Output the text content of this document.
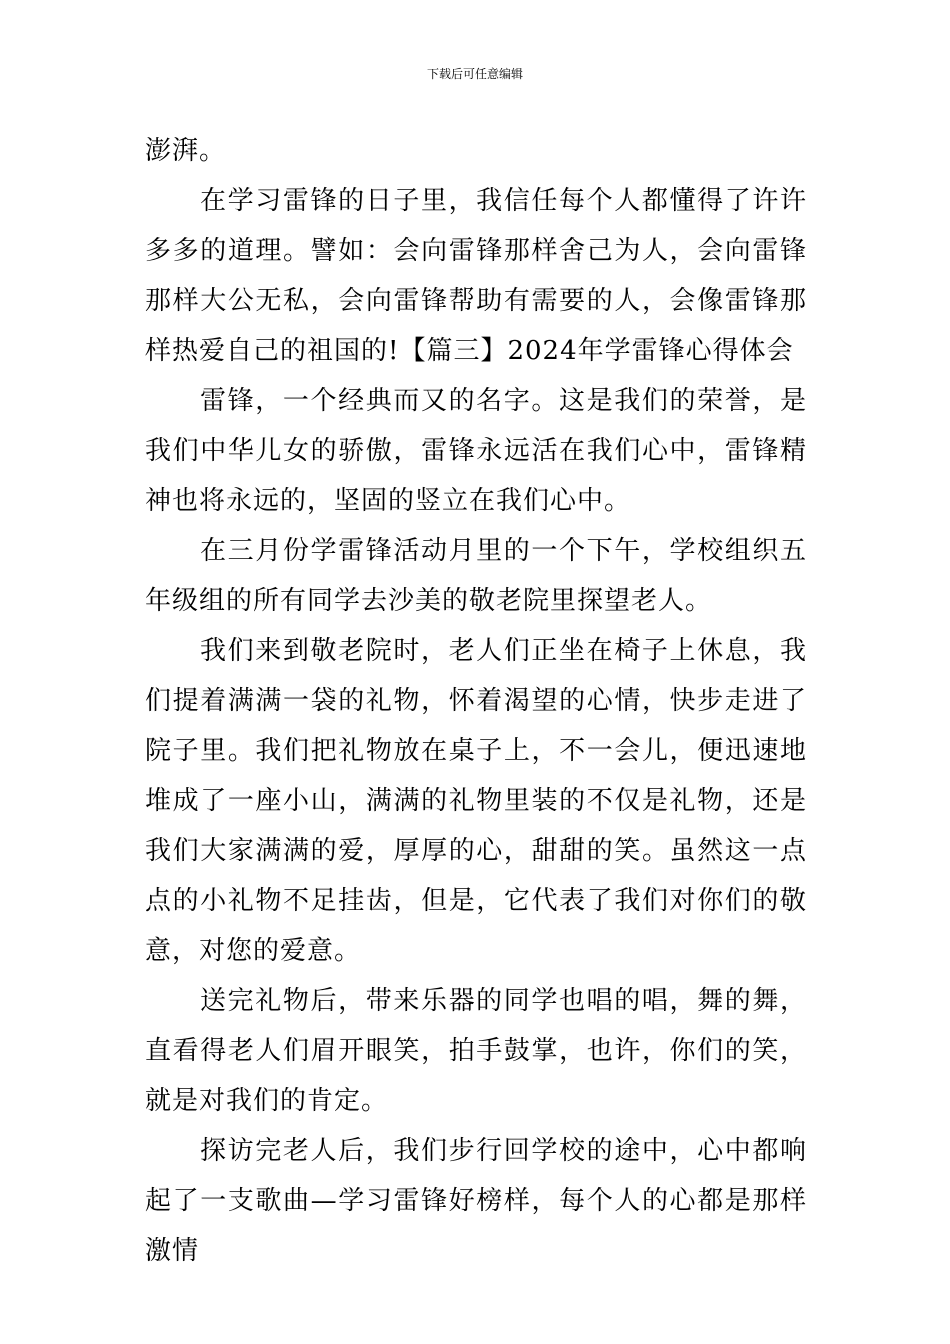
下载后可任意编辑

澎湃。

在学习雷锋的日子里，我信任每个人都懂得了许许多多的道理。譬如：会向雷锋那样舍己为人，会向雷锋那样大公无私，会向雷锋帮助有需要的人，会像雷锋那样热爱自己的祖国的!【篇三】2024年学雷锋心得体会

雷锋，一个经典而又的名字。这是我们的荣誉，是我们中华儿女的骄傲，雷锋永远活在我们心中，雷锋精神也将永远的，坚固的竖立在我们心中。

在三月份学雷锋活动月里的一个下午，学校组织五年级组的所有同学去沙美的敬老院里探望老人。

我们来到敬老院时，老人们正坐在椅子上休息，我们提着满满一袋的礼物，怀着渴望的心情，快步走进了院子里。我们把礼物放在桌子上，不一会儿，便迅速地堆成了一座小山，满满的礼物里装的不仅是礼物，还是我们大家满满的爱，厚厚的心，甜甜的笑。虽然这一点点的小礼物不足挂齿，但是，它代表了我们对你们的敬意，对您的爱意。

送完礼物后，带来乐器的同学也唱的唱，舞的舞，直看得老人们眉开眼笑，拍手鼓掌，也许，你们的笑，就是对我们的肯定。

探访完老人后，我们步行回学校的途中，心中都响起了一支歌曲—学习雷锋好榜样，每个人的心都是那样激情
